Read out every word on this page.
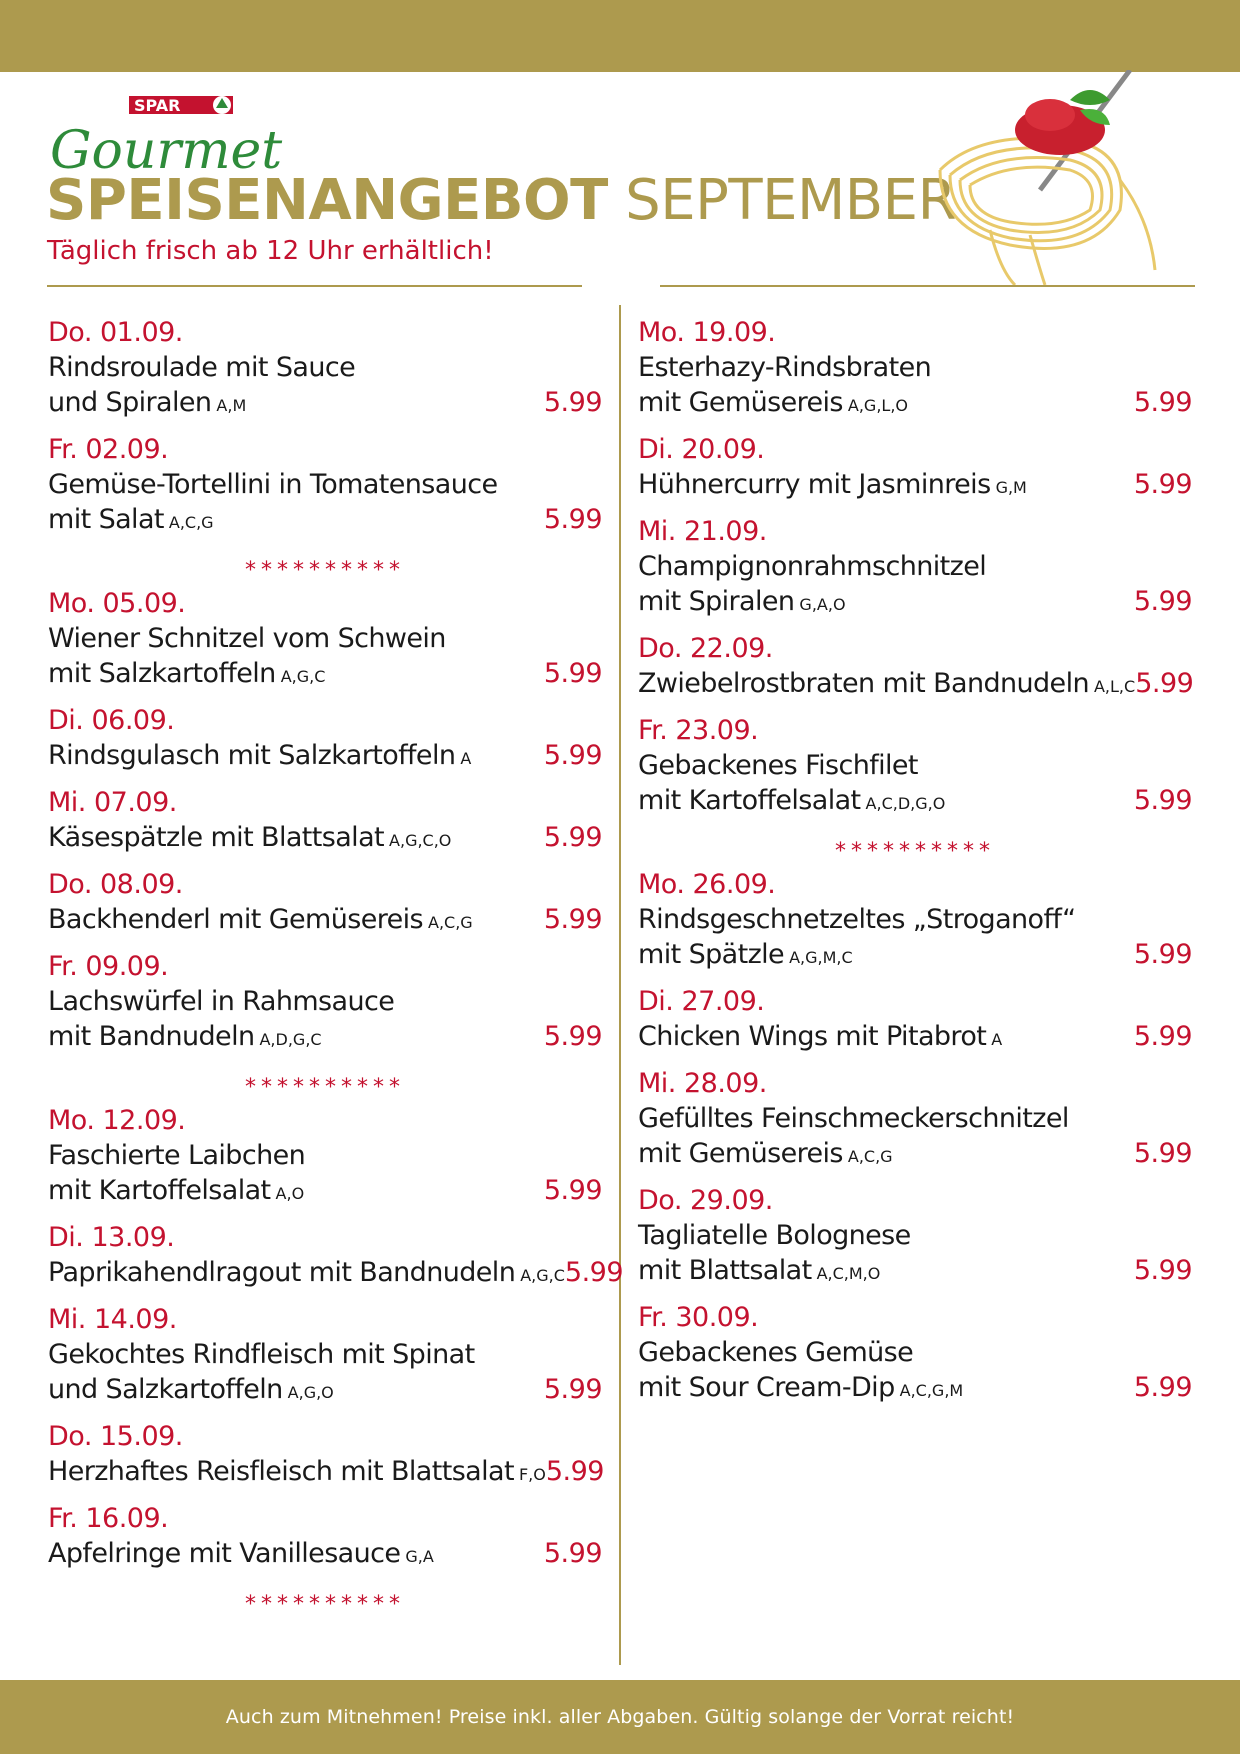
SPAR
Gourmet
SPEISENANGEBOT SEPTEMBER
Täglich frisch ab 12 Uhr erhältlich!
Do. 01.09.
Rindsroulade mit Sauce
und Spiralen A,M	5.99
Fr. 02.09.
Gemüse-Tortellini in Tomatensauce
mit Salat A,C,G	5.99
**********
Mo. 05.09.
Wiener Schnitzel vom Schwein
mit Salzkartoffeln A,G,C	5.99
Di. 06.09.
Rindsgulasch mit Salzkartoffeln A	5.99
Mi. 07.09.
Käsespätzle mit Blattsalat A,G,C,O	5.99
Do. 08.09.
Backhenderl mit Gemüsereis A,C,G	5.99
Fr. 09.09.
Lachswürfel in Rahmsauce
mit Bandnudeln A,D,G,C	5.99
**********
Mo. 12.09.
Faschierte Laibchen
mit Kartoffelsalat A,O	5.99
Di. 13.09.
Paprikahendlragout mit Bandnudeln A,G,C 5.99
Mi. 14.09.
Gekochtes Rindfleisch mit Spinat
und Salzkartoffeln A,G,O	5.99
Do. 15.09.
Herzhaftes Reisfleisch mit Blattsalat F,O 5.99
Fr. 16.09.
Apfelringe mit Vanillesauce G,A	5.99
**********
Mo. 19.09.
Esterhazy-Rindsbraten
mit Gemüsereis A,G,L,O	5.99
Di. 20.09.
Hühnercurry mit Jasminreis G,M	5.99
Mi. 21.09.
Champignonrahmschnitzel
mit Spiralen G,A,O	5.99
Do. 22.09.
Zwiebelrostbraten mit Bandnudeln A,L,C 5.99
Fr. 23.09.
Gebackenes Fischfilet
mit Kartoffelsalat A,C,D,G,O	5.99
**********
Mo. 26.09.
Rindsgeschnetzeltes „Stroganoff“
mit Spätzle A,G,M,C	5.99
Di. 27.09.
Chicken Wings mit Pitabrot A	5.99
Mi. 28.09.
Gefülltes Feinschmeckerschnitzel
mit Gemüsereis A,C,G	5.99
Do. 29.09.
Tagliatelle Bolognese
mit Blattsalat A,C,M,O	5.99
Fr. 30.09.
Gebackenes Gemüse
mit Sour Cream-Dip A,C,G,M	5.99
Auch zum Mitnehmen! Preise inkl. aller Abgaben. Gültig solange der Vorrat reicht!
